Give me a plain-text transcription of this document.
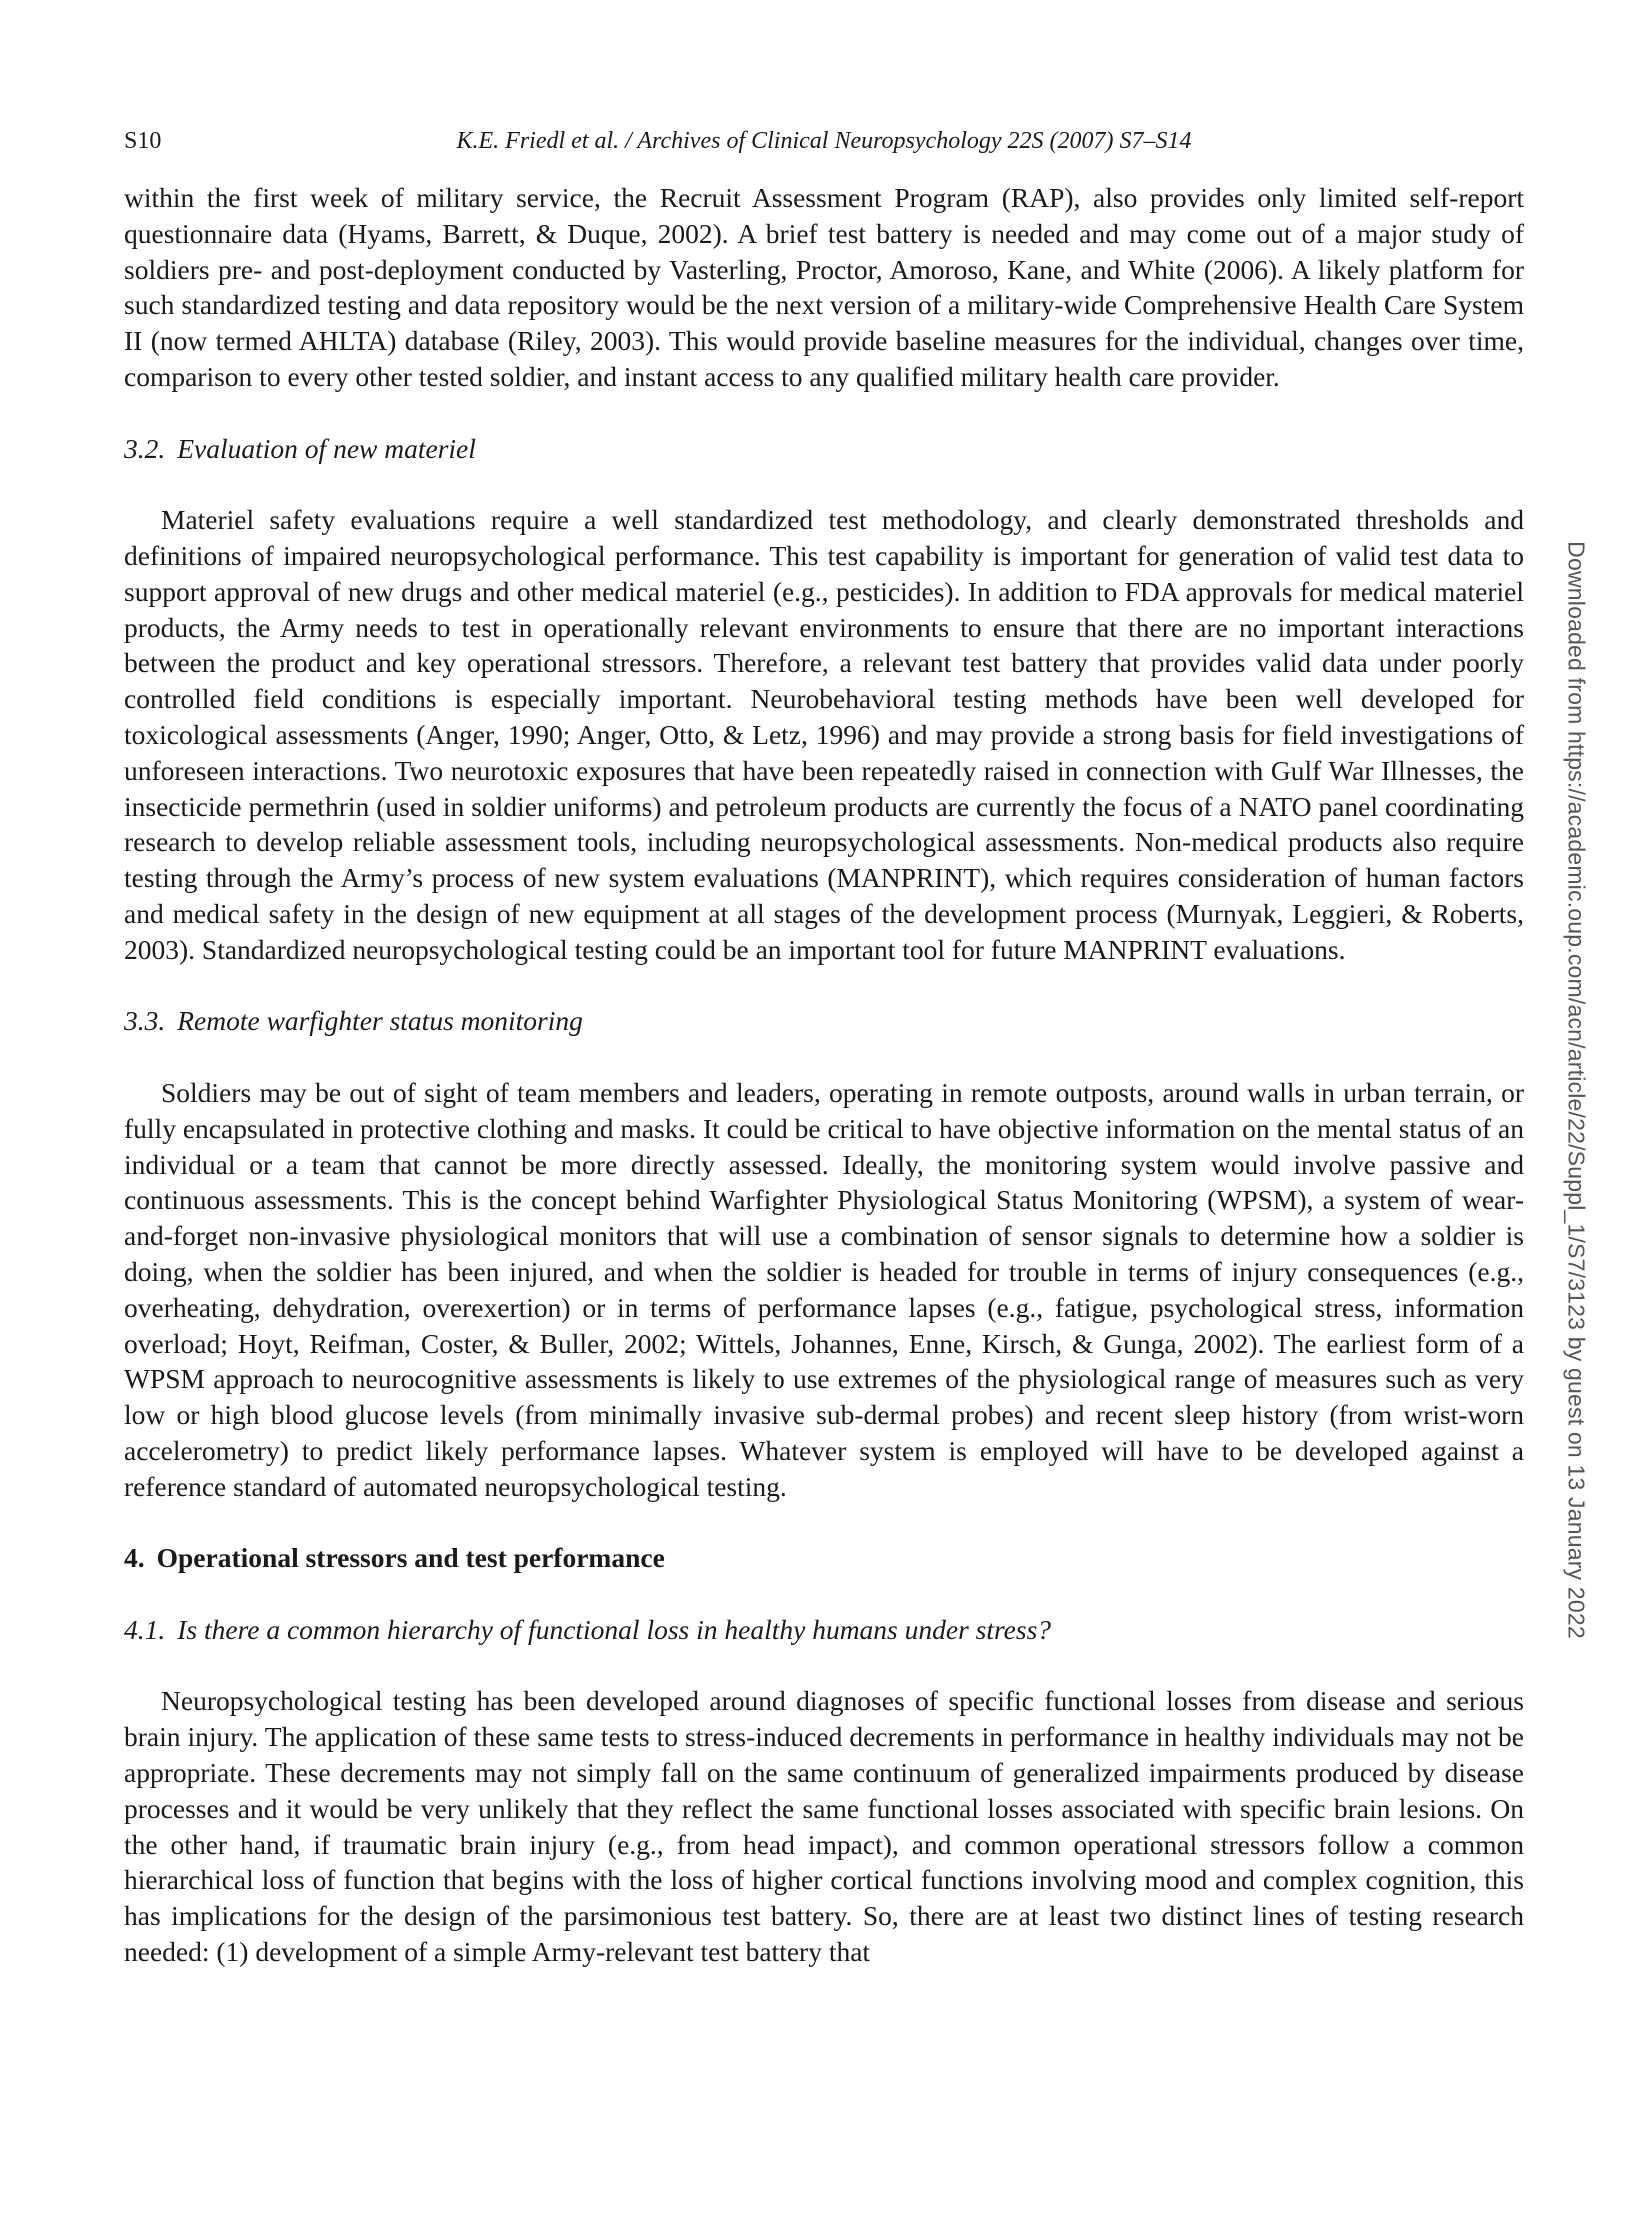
S10	K.E. Friedl et al. / Archives of Clinical Neuropsychology 22S (2007) S7–S14

within the first week of military service, the Recruit Assessment Program (RAP), also provides only limited self-report questionnaire data (Hyams, Barrett, & Duque, 2002). A brief test battery is needed and may come out of a major study of soldiers pre- and post-deployment conducted by Vasterling, Proctor, Amoroso, Kane, and White (2006). A likely platform for such standardized testing and data repository would be the next version of a military-wide Comprehensive Health Care System II (now termed AHLTA) database (Riley, 2003). This would provide baseline measures for the individual, changes over time, comparison to every other tested soldier, and instant access to any qualified military health care provider.

3.2. Evaluation of new materiel

Materiel safety evaluations require a well standardized test methodology, and clearly demonstrated thresholds and definitions of impaired neuropsychological performance. This test capability is important for generation of valid test data to support approval of new drugs and other medical materiel (e.g., pesticides). In addition to FDA approvals for medical materiel products, the Army needs to test in operationally relevant environments to ensure that there are no important interactions between the product and key operational stressors. Therefore, a relevant test battery that provides valid data under poorly controlled field conditions is especially important. Neurobehavioral testing methods have been well developed for toxicological assessments (Anger, 1990; Anger, Otto, & Letz, 1996) and may provide a strong basis for field investigations of unforeseen interactions. Two neurotoxic exposures that have been repeatedly raised in connection with Gulf War Illnesses, the insecticide permethrin (used in soldier uniforms) and petroleum products are currently the focus of a NATO panel coordinating research to develop reliable assessment tools, including neuropsychological assessments. Non-medical products also require testing through the Army’s process of new system evaluations (MANPRINT), which requires consideration of human factors and medical safety in the design of new equipment at all stages of the development process (Murnyak, Leggieri, & Roberts, 2003). Standardized neuropsychological testing could be an important tool for future MANPRINT evaluations.

3.3. Remote warfighter status monitoring

Soldiers may be out of sight of team members and leaders, operating in remote outposts, around walls in urban terrain, or fully encapsulated in protective clothing and masks. It could be critical to have objective information on the mental status of an individual or a team that cannot be more directly assessed. Ideally, the monitoring system would involve passive and continuous assessments. This is the concept behind Warfighter Physiological Status Monitoring (WPSM), a system of wear-and-forget non-invasive physiological monitors that will use a combination of sensor signals to determine how a soldier is doing, when the soldier has been injured, and when the soldier is headed for trouble in terms of injury consequences (e.g., overheating, dehydration, overexertion) or in terms of performance lapses (e.g., fatigue, psychological stress, information overload; Hoyt, Reifman, Coster, & Buller, 2002; Wittels, Johannes, Enne, Kirsch, & Gunga, 2002). The earliest form of a WPSM approach to neurocognitive assessments is likely to use extremes of the physiological range of measures such as very low or high blood glucose levels (from minimally invasive sub-dermal probes) and recent sleep history (from wrist-worn accelerometry) to predict likely performance lapses. Whatever system is employed will have to be developed against a reference standard of automated neuropsychological testing.

4. Operational stressors and test performance
4.1. Is there a common hierarchy of functional loss in healthy humans under stress?

Neuropsychological testing has been developed around diagnoses of specific functional losses from disease and serious brain injury. The application of these same tests to stress-induced decrements in performance in healthy individuals may not be appropriate. These decrements may not simply fall on the same continuum of generalized impairments produced by disease processes and it would be very unlikely that they reflect the same functional losses associated with specific brain lesions. On the other hand, if traumatic brain injury (e.g., from head impact), and common operational stressors follow a common hierarchical loss of function that begins with the loss of higher cortical functions involving mood and complex cognition, this has implications for the design of the parsimonious test battery. So, there are at least two distinct lines of testing research needed: (1) development of a simple Army-relevant test battery that

Downloaded from https://academic.oup.com/acn/article/22/Suppl_1/S7/3123 by guest on 13 January 2022
